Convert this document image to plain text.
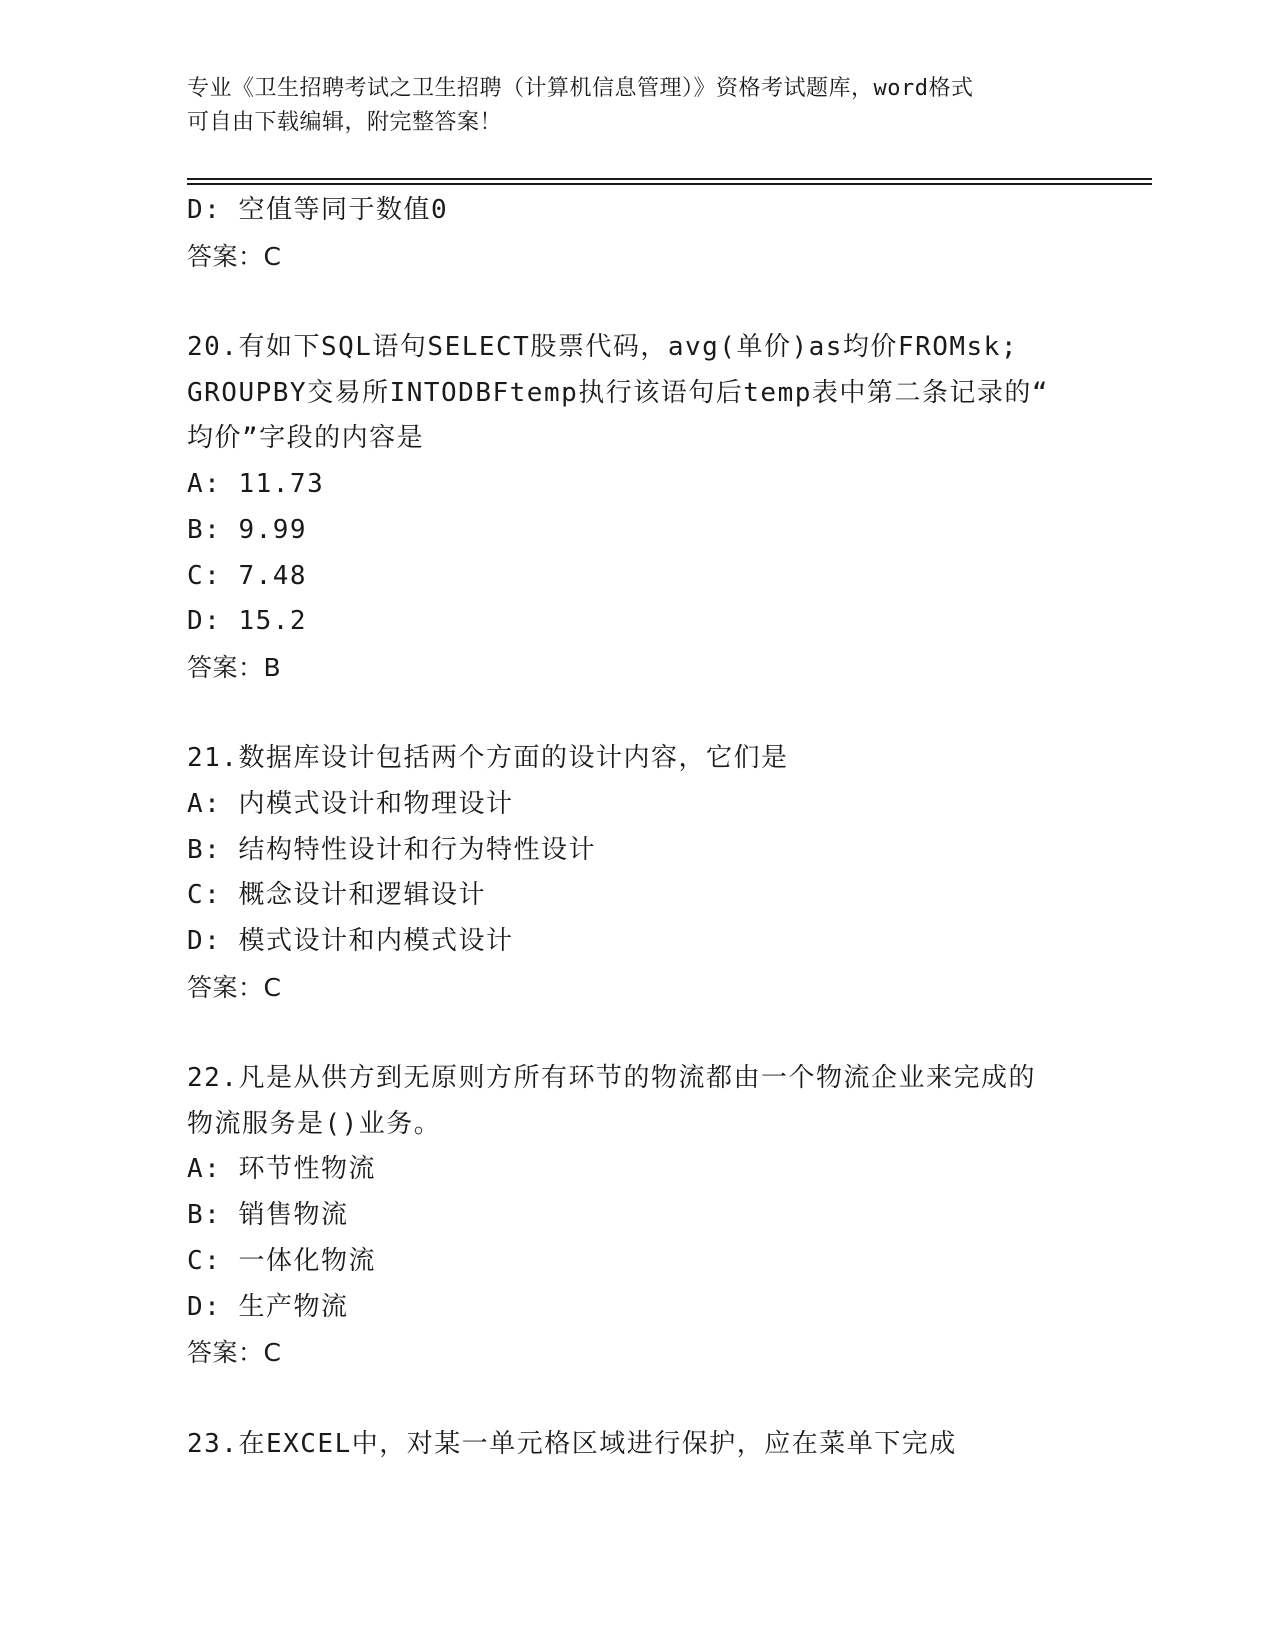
专业《卫生招聘考试之卫生招聘（计算机信息管理）》资格考试题库，word格式
可自由下载编辑，附完整答案！
D: 空值等同于数值0
答案：C
20.有如下SQL语句SELECT股票代码，avg(单价)as均价FROMsk;
GROUPBY交易所INTODBFtemp执行该语句后temp表中第二条记录的“
均价”字段的内容是
A: 11.73
B: 9.99
C: 7.48
D: 15.2
答案：B
21.数据库设计包括两个方面的设计内容，它们是
A: 内模式设计和物理设计
B: 结构特性设计和行为特性设计
C: 概念设计和逻辑设计
D: 模式设计和内模式设计
答案：C
22.凡是从供方到无原则方所有环节的物流都由一个物流企业来完成的
物流服务是()业务。
A: 环节性物流
B: 销售物流
C: 一体化物流
D: 生产物流
答案：C
23.在EXCEL中，对某一单元格区域进行保护，应在菜单下完成
